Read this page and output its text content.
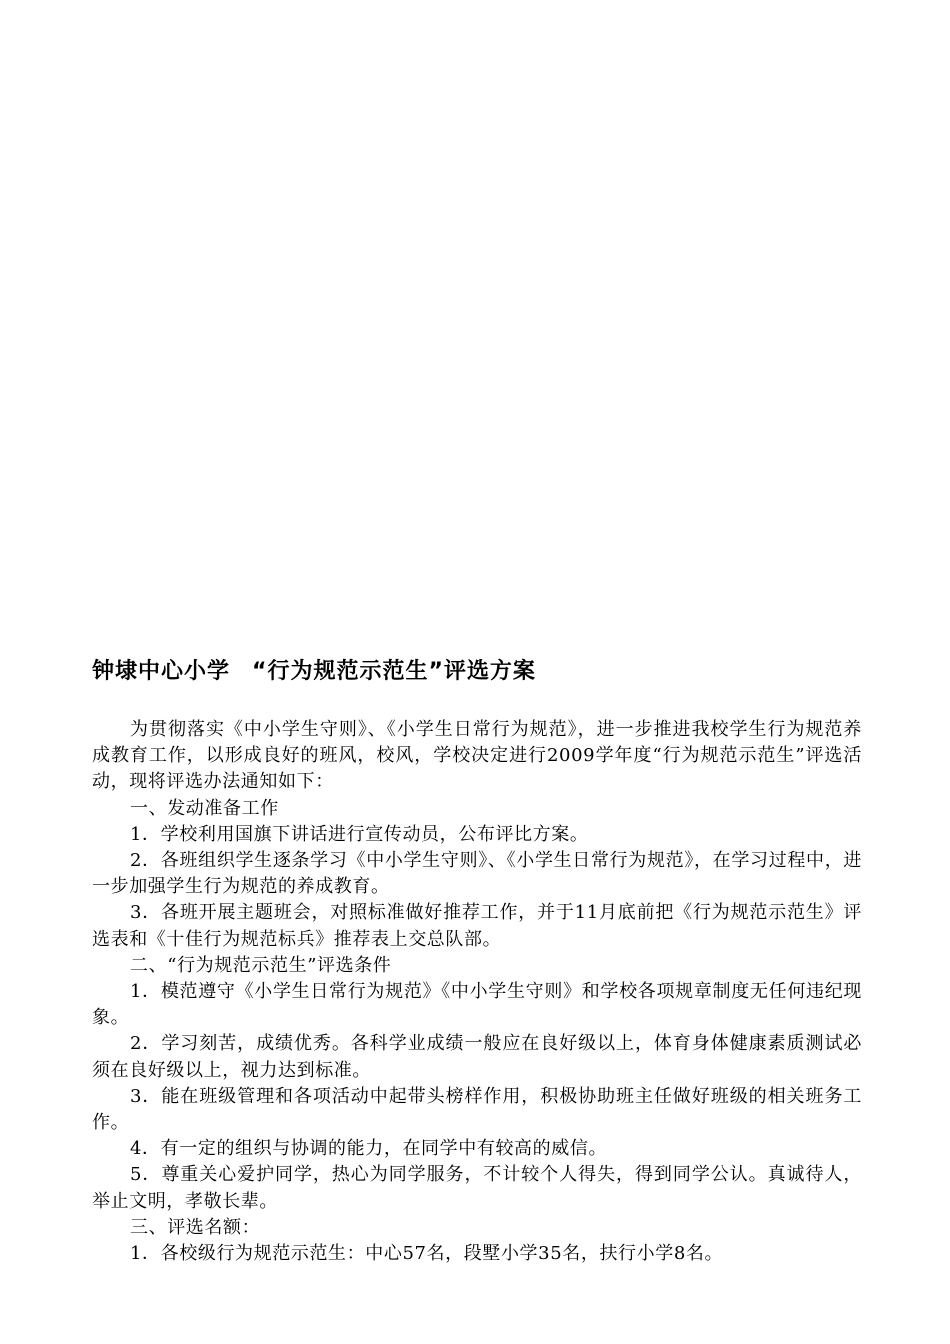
钟埭中心小学 “行为规范示范生”评选方案

为贯彻落实《中小学生守则》、《小学生日常行为规范》，进一步推进我校学生行为规范养成教育工作，以形成良好的班风，校风，学校决定进行2009学年度“行为规范示范生”评选活动，现将评选办法通知如下：

一、发动准备工作

1．学校利用国旗下讲话进行宣传动员，公布评比方案。

2．各班组织学生逐条学习《中小学生守则》、《小学生日常行为规范》，在学习过程中，进一步加强学生行为规范的养成教育。

3．各班开展主题班会，对照标准做好推荐工作，并于11月底前把《行为规范示范生》评选表和《十佳行为规范标兵》推荐表上交总队部。

二、“行为规范示范生”评选条件

1．模范遵守《小学生日常行为规范》《中小学生守则》和学校各项规章制度无任何违纪现象。

2．学习刻苦，成绩优秀。各科学业成绩一般应在良好级以上，体育身体健康素质测试必须在良好级以上，视力达到标准。

3．能在班级管理和各项活动中起带头榜样作用，积极协助班主任做好班级的相关班务工作。

4．有一定的组织与协调的能力，在同学中有较高的威信。

5．尊重关心爱护同学，热心为同学服务，不计较个人得失，得到同学公认。真诚待人，举止文明，孝敬长辈。

三、评选名额：

1．各校级行为规范示范生：中心57名，段墅小学35名，扶行小学8名。
